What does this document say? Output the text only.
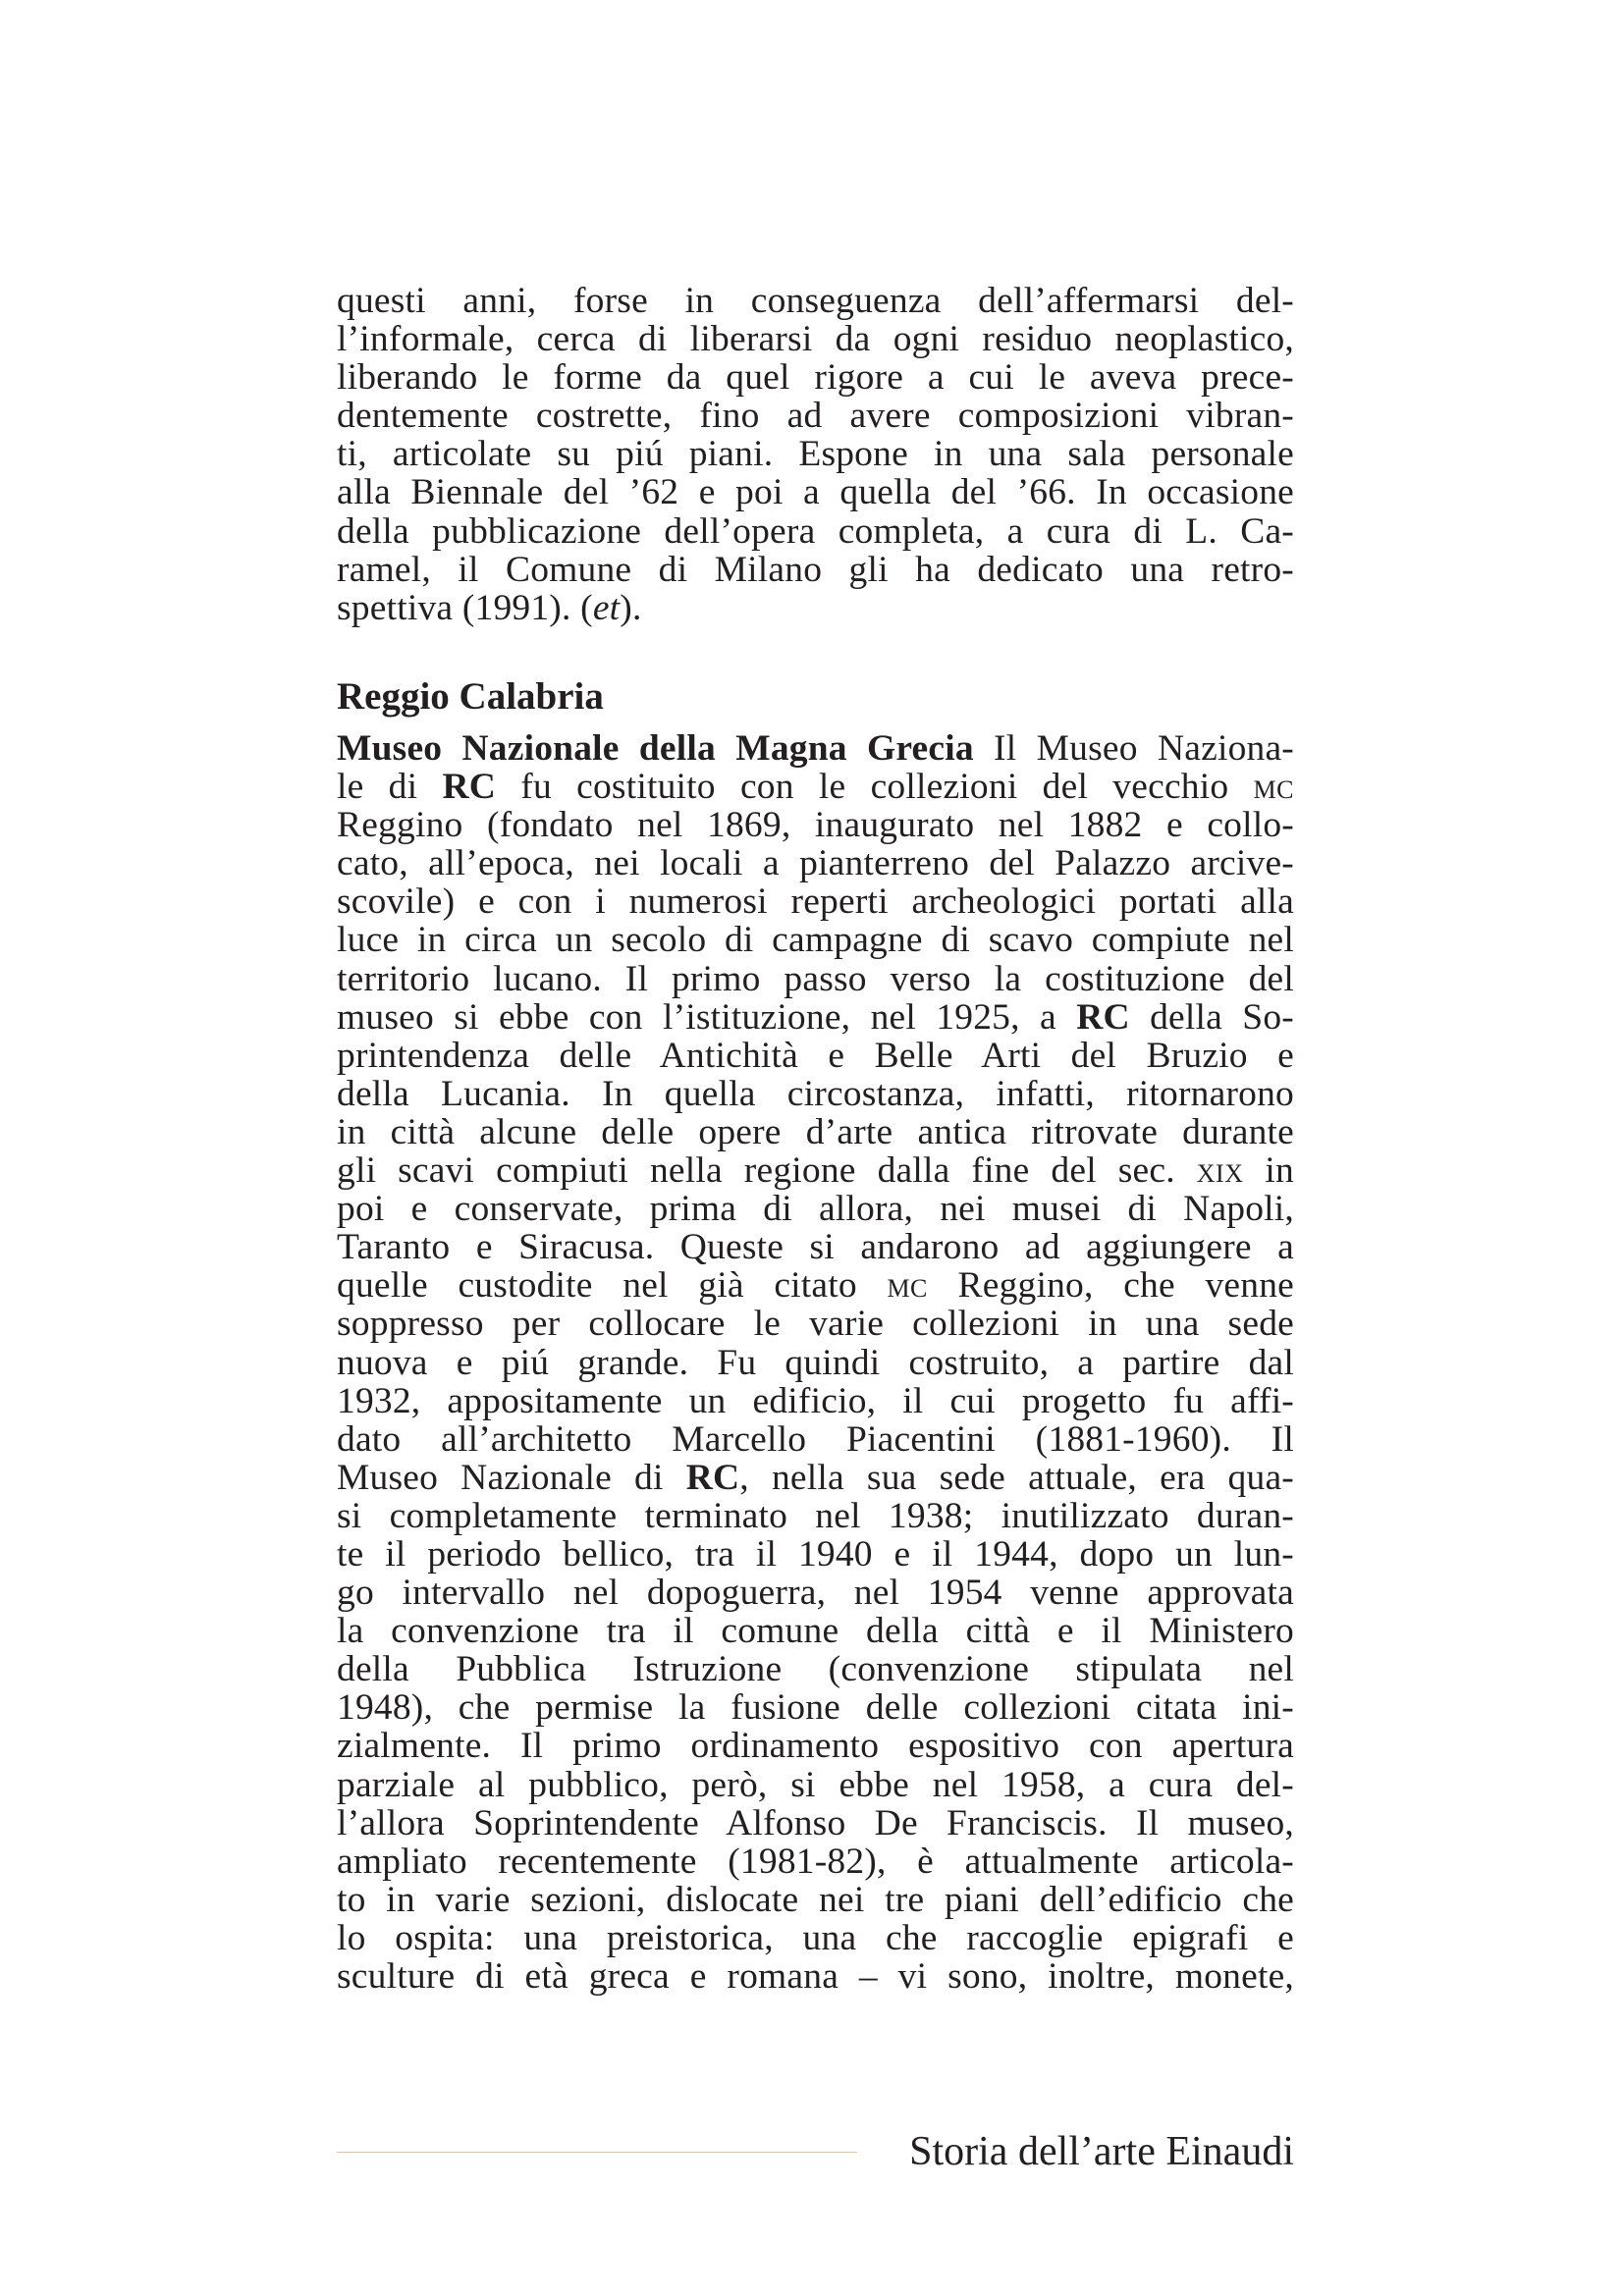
questi anni, forse in conseguenza dell’affermarsi del-
l’informale, cerca di liberarsi da ogni residuo neoplastico,
liberando le forme da quel rigore a cui le aveva prece-
dentemente costrette, fino ad avere composizioni vibran-
ti, articolate su piú piani. Espone in una sala personale
alla Biennale del ’62 e poi a quella del ’66. In occasione
della pubblicazione dell’opera completa, a cura di L. Ca-
ramel, il Comune di Milano gli ha dedicato una retro-
spettiva (1991). (et).
Reggio Calabria
Museo Nazionale della Magna Grecia Il Museo Naziona-
le di RC fu costituito con le collezioni del vecchio mc
Reggino (fondato nel 1869, inaugurato nel 1882 e collo-
cato, all’epoca, nei locali a pianterreno del Palazzo arcive-
scovile) e con i numerosi reperti archeologici portati alla
luce in circa un secolo di campagne di scavo compiute nel
territorio lucano. Il primo passo verso la costituzione del
museo si ebbe con l’istituzione, nel 1925, a RC della So-
printendenza delle Antichità e Belle Arti del Bruzio e
della Lucania. In quella circostanza, infatti, ritornarono
in città alcune delle opere d’arte antica ritrovate durante
gli scavi compiuti nella regione dalla fine del sec. xix in
poi e conservate, prima di allora, nei musei di Napoli,
Taranto e Siracusa. Queste si andarono ad aggiungere a
quelle custodite nel già citato mc Reggino, che venne
soppresso per collocare le varie collezioni in una sede
nuova e piú grande. Fu quindi costruito, a partire dal
1932, appositamente un edificio, il cui progetto fu affi-
dato all’architetto Marcello Piacentini (1881-1960). Il
Museo Nazionale di RC, nella sua sede attuale, era qua-
si completamente terminato nel 1938; inutilizzato duran-
te il periodo bellico, tra il 1940 e il 1944, dopo un lun-
go intervallo nel dopoguerra, nel 1954 venne approvata
la convenzione tra il comune della città e il Ministero
della Pubblica Istruzione (convenzione stipulata nel
1948), che permise la fusione delle collezioni citata ini-
zialmente. Il primo ordinamento espositivo con apertura
parziale al pubblico, però, si ebbe nel 1958, a cura del-
l’allora Soprintendente Alfonso De Franciscis. Il museo,
ampliato recentemente (1981-82), è attualmente articola-
to in varie sezioni, dislocate nei tre piani dell’edificio che
lo ospita: una preistorica, una che raccoglie epigrafi e
sculture di età greca e romana – vi sono, inoltre, monete,
Storia dell’arte Einaudi
